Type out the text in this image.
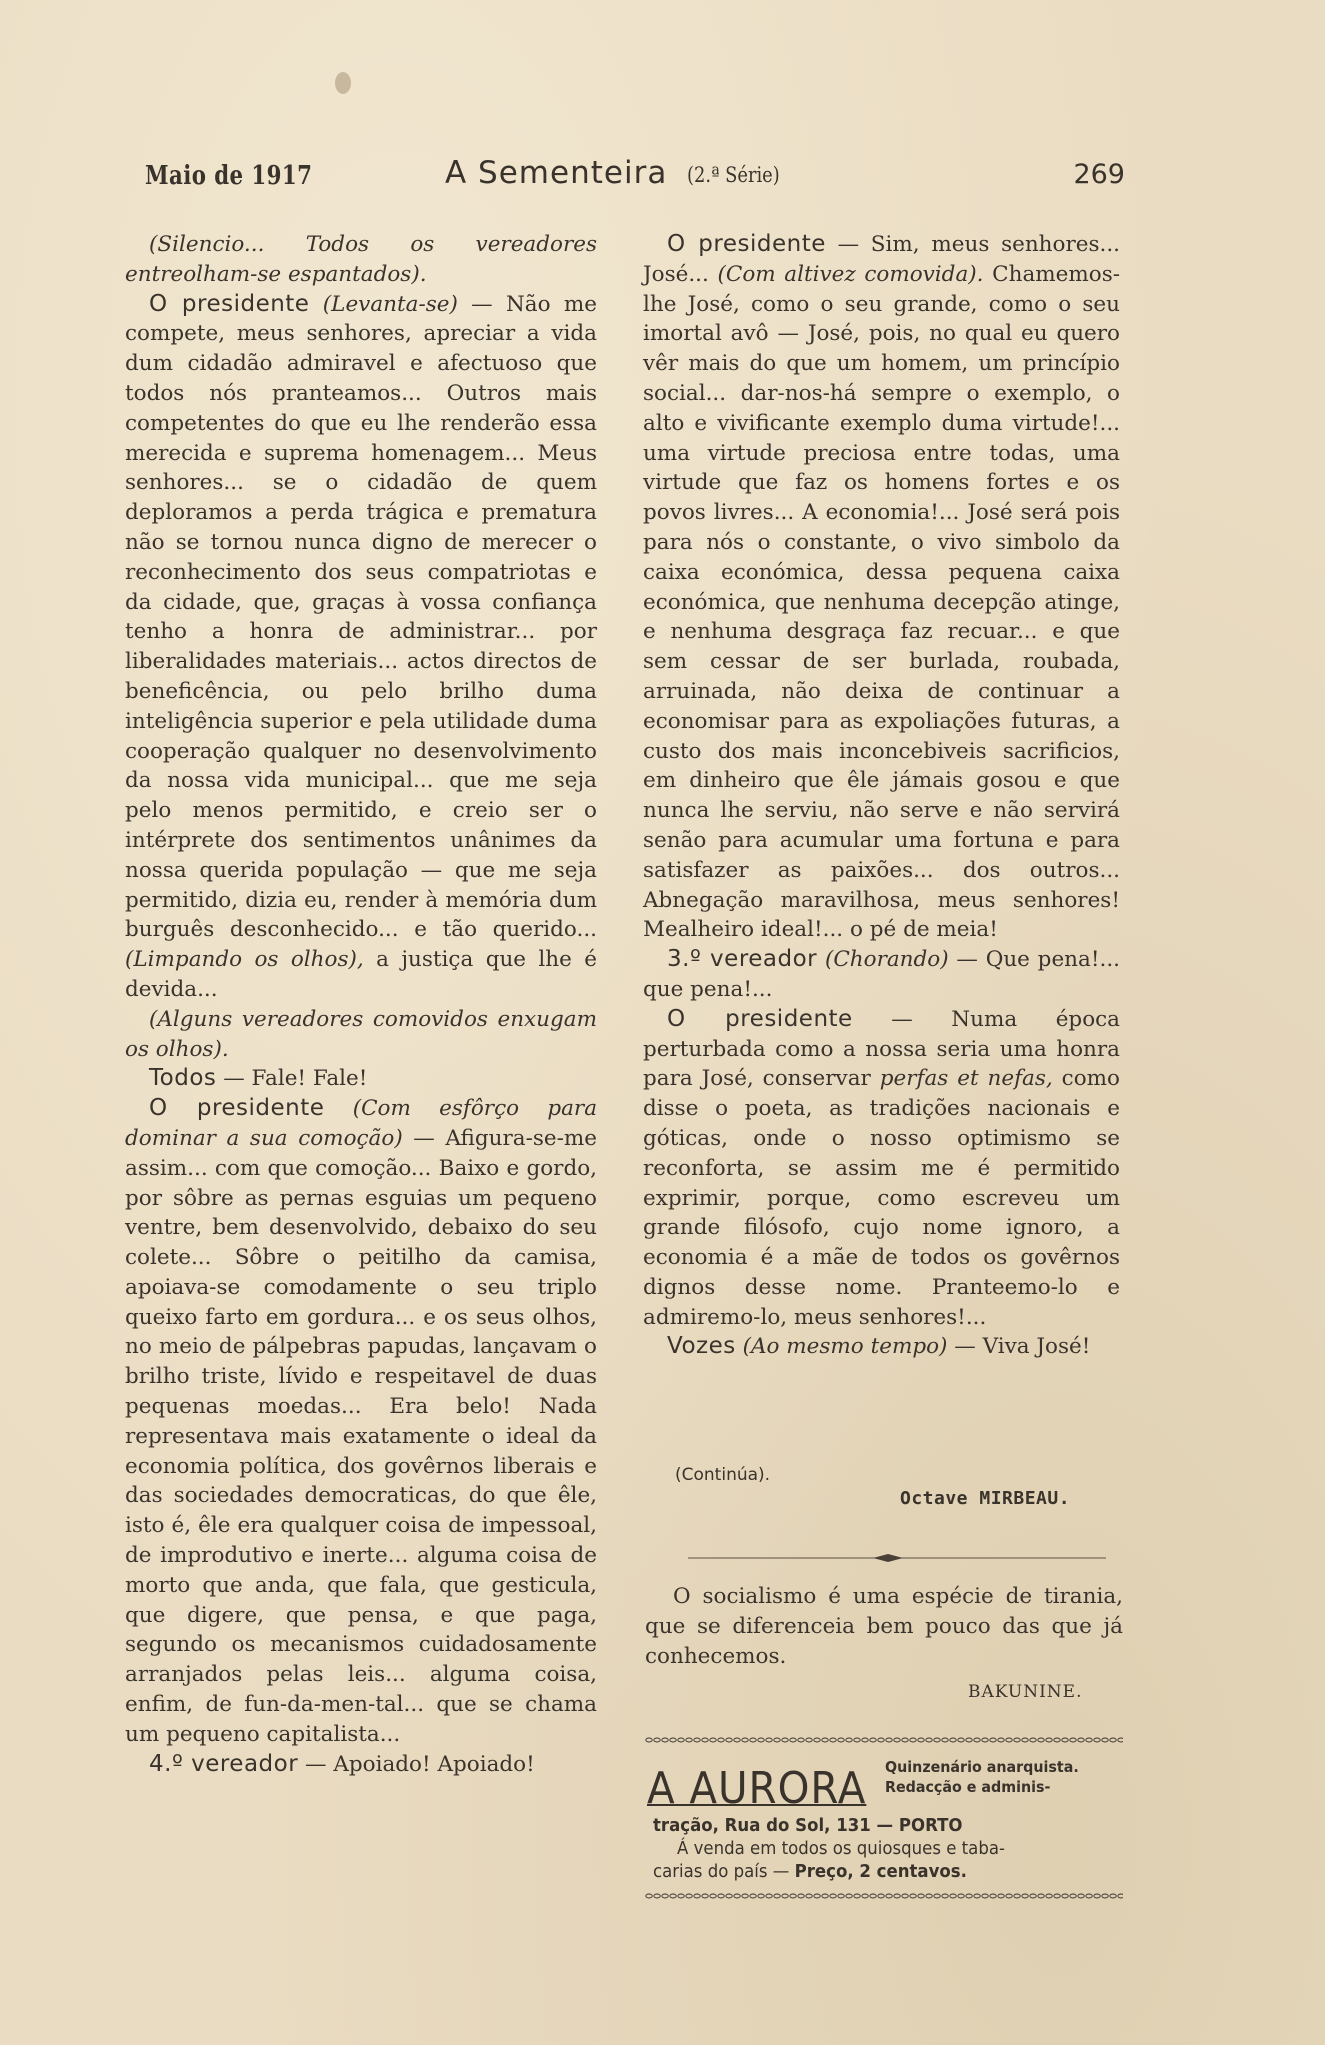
Maio de 1917	A Sementeira (2.ª Série)	269

(Silencio... Todos os vereadores entreolham-se espantados).

O presidente (Levanta-se) — Não me compete, meus senhores, apreciar a vida dum cidadão admiravel e afectuoso que todos nós pranteamos... Outros mais competentes do que eu lhe renderão essa merecida e suprema homenagem... Meus senhores... se o cidadão de quem deploramos a perda trágica e prematura não se tornou nunca digno de merecer o reconhecimento dos seus compatriotas e da cidade, que, graças à vossa confiança tenho a honra de administrar... por liberalidades materiais... actos directos de beneficência, ou pelo brilho duma inteligência superior e pela utilidade duma cooperação qualquer no desenvolvimento da nossa vida municipal... que me seja pelo menos permitido, e creio ser o intérprete dos sentimentos unânimes da nossa querida população — que me seja permitido, dizia eu, render à memória dum burguês desconhecido... e tão querido... (Limpando os olhos), a justiça que lhe é devida...

(Alguns vereadores comovidos enxugam os olhos).

Todos — Fale! Fale!

O presidente (Com esfôrço para dominar a sua comoção) — Afigura-se-me assim... com que comoção... Baixo e gordo, por sôbre as pernas esguias um pequeno ventre, bem desenvolvido, debaixo do seu colete... Sôbre o peitilho da camisa, apoiava-se comodamente o seu triplo queixo farto em gordura... e os seus olhos, no meio de pálpebras papudas, lançavam o brilho triste, lívido e respeitavel de duas pequenas moedas... Era belo! Nada representava mais exatamente o ideal da economia política, dos govêrnos liberais e das sociedades democraticas, do que êle, isto é, êle era qualquer coisa de impessoal, de improdutivo e inerte... alguma coisa de morto que anda, que fala, que gesticula, que digere, que pensa, e que paga, segundo os mecanismos cuidadosamente arranjados pelas leis... alguma coisa, enfim, de fun-da-men-tal... que se chama um pequeno capitalista...

4.º vereador — Apoiado! Apoiado!

O presidente — Sim, meus senhores... José... (Com altivez comovida). Chamemos-lhe José, como o seu grande, como o seu imortal avô — José, pois, no qual eu quero vêr mais do que um homem, um princípio social... dar-nos-há sempre o exemplo, o alto e vivificante exemplo duma virtude!... uma virtude preciosa entre todas, uma virtude que faz os homens fortes e os povos livres... A economia!... José será pois para nós o constante, o vivo simbolo da caixa económica, dessa pequena caixa económica, que nenhuma decepção atinge, e nenhuma desgraça faz recuar... e que sem cessar de ser burlada, roubada, arruinada, não deixa de continuar a economisar para as expoliações futuras, a custo dos mais inconcebiveis sacrificios, em dinheiro que êle jámais gosou e que nunca lhe serviu, não serve e não servirá senão para acumular uma fortuna e para satisfazer as paixões... dos outros... Abnegação maravilhosa, meus senhores! Mealheiro ideal!... o pé de meia!

3.º vereador (Chorando) — Que pena!... que pena!...

O presidente — Numa época perturbada como a nossa seria uma honra para José, conservar perfas et nefas, como disse o poeta, as tradições nacionais e góticas, onde o nosso optimismo se reconforta, se assim me é permitido exprimir, porque, como escreveu um grande filósofo, cujo nome ignoro, a economia é a mãe de todos os govêrnos dignos desse nome. Pranteemo-lo e admiremo-lo, meus senhores!...

Vozes (Ao mesmo tempo) — Viva José!

(Continúa).
Octave MIRBEAU.

O socialismo é uma espécie de tirania, que se diferenceia bem pouco das que já conhecemos.

BAKUNINE.
A AURORA Quinzenário anarquista. Redacção e adminis-
tração, Rua do Sol, 131 — PORTO
Á venda em todos os quiosques e taba-
carias do país — Preço, 2 centavos.
